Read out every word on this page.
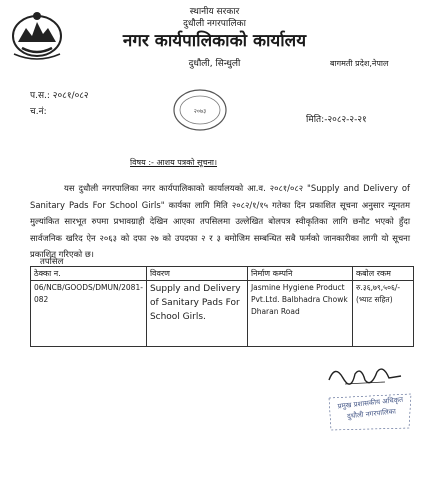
स्थानीय सरकार
दुधौली नगरपालिका
नगर कार्यपालिकाको कार्यालय
दुधौली, सिन्धुली	बागमती प्रदेश,नेपाल
२०७३
प.स.: २०८१/०८२
च.नं:
मिति:-२०८२-२-२१
विषय :- आशय पत्रको सूचना।

यस दुधौली नगरपालिका नगर कार्यपालिकाको कार्यालयको आ.व. २०८१/०८२ "Supply and Delivery of Sanitary Pads For School Girls" कार्यका लागि मिति २०८२/१/१५ गतेका दिन प्रकाशित सूचना अनुसार न्यूनतम मुल्यांकित सारभूत रुपमा प्रभावग्राही देखिन आएका तपसिलमा उल्लेखित बोलपत्र स्वीकृतिका लागि छनौट भएको हुँदा सार्वजनिक खरिद ऐन २०६३ को दफा २७ को उपदफा २ र ३ बमोजिम सम्बन्धित सबै फर्मको जानकारीका लागी यो सूचना प्रकाशित गरिएको छ।

तपसिल
ठेक्का न.	विवरण	निर्माण कम्पनि	कबोल रकम
06/NCB/GOODS/DMUN/2081-082	Supply and Delivery of Sanitary Pads For School Girls.	Jasmine Hygiene Product Pvt.Ltd. Balbhadra Chowk Dharan Road	रु.३६,७९,५०६/-
(भ्याट सहित)
प्रमुख प्रशासकीय अधिकृत
दुधौली नगरपालिका
